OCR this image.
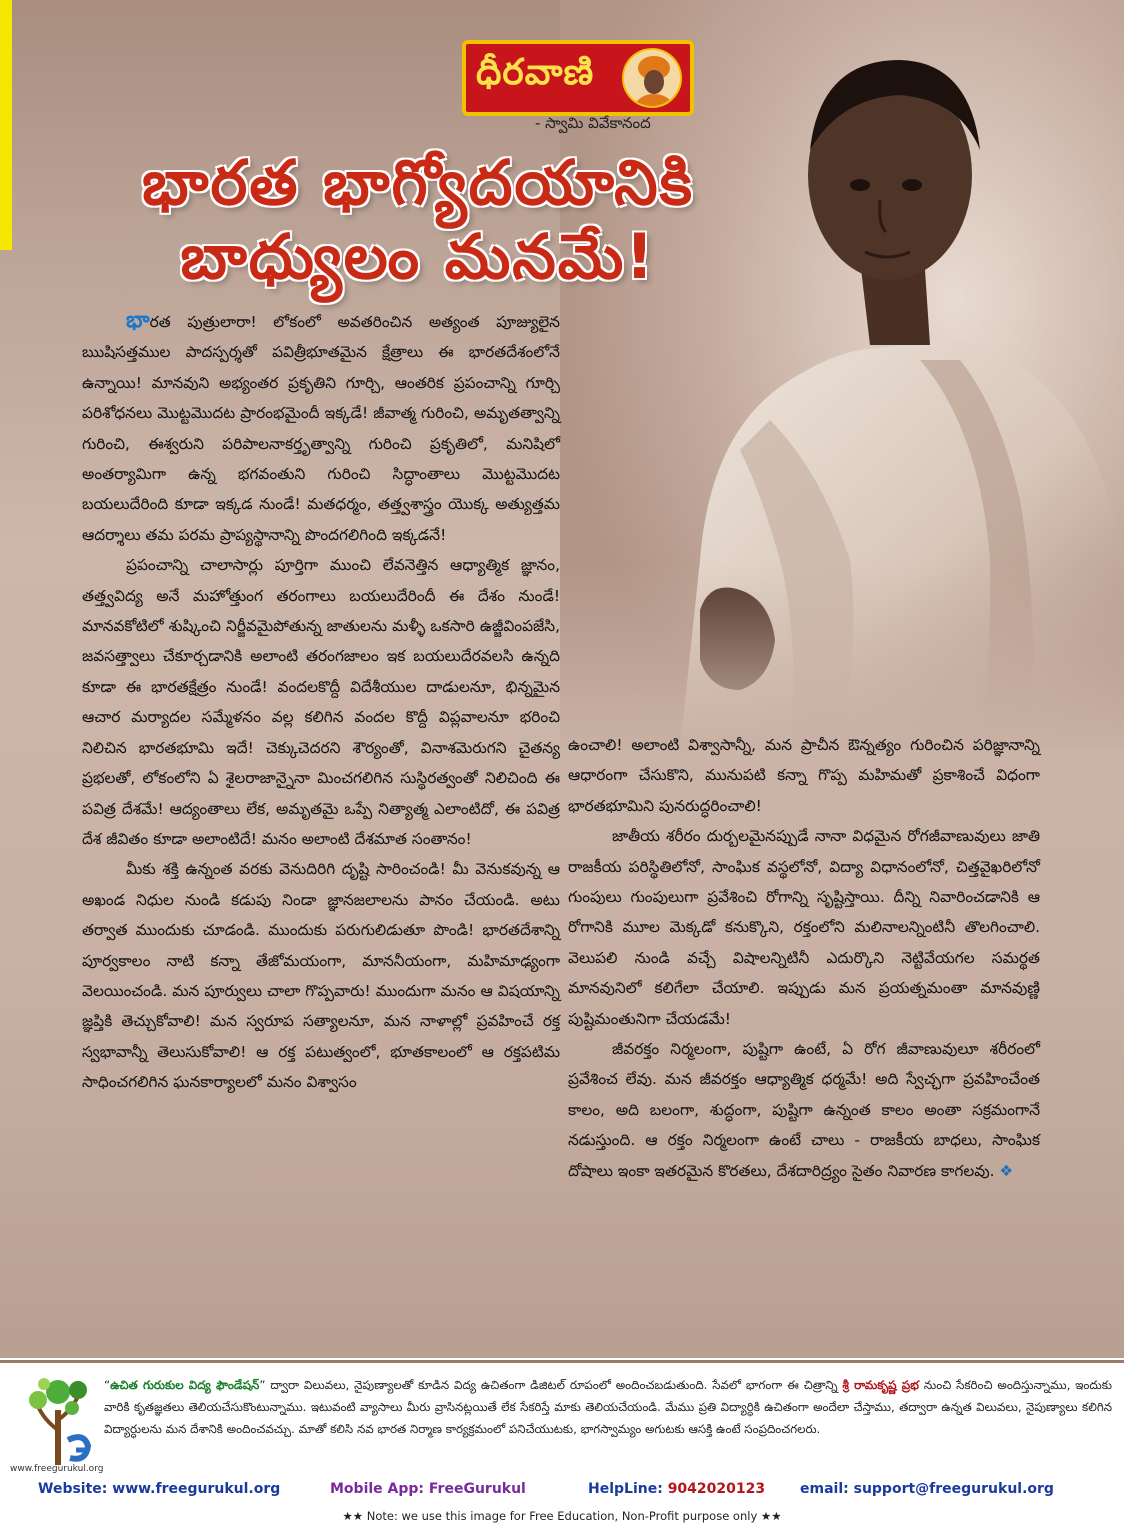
ధీరవాణి
- స్వామి వివేకానంద
భారత భాగ్యోదయానికి
బాధ్యులం మనమే!

భారత పుత్రులారా! లోకంలో అవతరించిన అత్యంత పూజ్యులైన ఋషిసత్తముల పాదస్పర్శతో పవిత్రీభూతమైన క్షేత్రాలు ఈ భారతదేశంలోనే ఉన్నాయి! మానవుని అభ్యంతర ప్రకృతిని గూర్చి, ఆంతరిక ప్రపంచాన్ని గూర్చి పరిశోధనలు మొట్టమొదట ప్రారంభమైందీ ఇక్కడే! జీవాత్మ గురించి, అమృతత్వాన్ని గురించి, ఈశ్వరుని పరిపాలనాకర్తృత్వాన్ని గురించి ప్రకృతిలో, మనిషిలో అంతర్యామిగా ఉన్న భగవంతుని గురించి సిద్ధాంతాలు మొట్టమొదట బయలుదేరింది కూడా ఇక్కడ నుండే! మతధర్మం, తత్త్వశాస్త్రం యొక్క అత్యుత్తమ ఆదర్శాలు తమ పరమ ప్రాప్యస్థానాన్ని పొందగలిగింది ఇక్కడనే!

ప్రపంచాన్ని చాలాసార్లు పూర్తిగా ముంచి లేవనెత్తిన ఆధ్యాత్మిక జ్ఞానం, తత్త్వవిద్య అనే మహోత్తుంగ తరంగాలు బయలుదేరిందీ ఈ దేశం నుండే! మానవకోటిలో శుష్కించి నిర్జీవమైపోతున్న జాతులను మళ్ళీ ఒకసారి ఉజ్జీవింపజేసి, జవసత్త్వాలు చేకూర్చడానికి అలాంటి తరంగజాలం ఇక బయలుదేరవలసి ఉన్నది కూడా ఈ భారతక్షేత్రం నుండే! వందలకొద్దీ విదేశీయుల దాడులనూ, భిన్నమైన ఆచార మర్యాదల సమ్మేళనం వల్ల కలిగిన వందల కొద్దీ విప్లవాలనూ భరించి నిలిచిన భారతభూమి ఇదే! చెక్కుచెదరని శౌర్యంతో, వినాశమెరుగని చైతన్య ప్రభలతో, లోకంలోని ఏ శైలరాజాన్నైనా మించగలిగిన సుస్థిరత్వంతో నిలిచింది ఈ పవిత్ర దేశమే! ఆద్యంతాలు లేక, అమృతమై ఒప్పే నిత్యాత్మ ఎలాంటిదో, ఈ పవిత్ర దేశ జీవితం కూడా అలాంటిదే! మనం అలాంటి దేశమాత సంతానం!

మీకు శక్తి ఉన్నంత వరకు వెనుదిరిగి దృష్టి సారించండి! మీ వెనుకవున్న ఆ అఖండ నిధుల నుండి కడుపు నిండా జ్ఞానజలాలను పానం చేయండి. అటు తర్వాత ముందుకు చూడండి. ముందుకు పరుగులిడుతూ పొండి! భారతదేశాన్ని పూర్వకాలం నాటి కన్నా తేజోమయంగా, మాననీయంగా, మహిమాఢ్యంగా వెలయించండి. మన పూర్వులు చాలా గొప్పవారు! ముందుగా మనం ఆ విషయాన్ని జ్ఞప్తికి తెచ్చుకోవాలి! మన స్వరూప సత్యాలనూ, మన నాళాల్లో ప్రవహించే రక్త స్వభావాన్నీ తెలుసుకోవాలి! ఆ రక్త పటుత్వంలో, భూతకాలంలో ఆ రక్తపటిమ సాధించగలిగిన ఘనకార్యాలలో మనం విశ్వాసం

ఉంచాలి! అలాంటి విశ్వాసాన్నీ, మన ప్రాచీన ఔన్నత్యం గురించిన పరిజ్ఞానాన్ని ఆధారంగా చేసుకొని, మునుపటి కన్నా గొప్ప మహిమతో ప్రకాశించే విధంగా భారతభూమిని పునరుద్ధరించాలి!

జాతీయ శరీరం దుర్బలమైనప్పుడే నానా విధమైన రోగజీవాణువులు జాతి రాజకీయ పరిస్థితిలోనో, సాంఘిక వస్థలోనో, విద్యా విధానంలోనో, చిత్తవైఖరిలోనో గుంపులు గుంపులుగా ప్రవేశించి రోగాన్ని సృష్టిస్తాయి. దీన్ని నివారించడానికి ఆ రోగానికి మూల మెక్కడో కనుక్కొని, రక్తంలోని మలినాలన్నింటినీ తొలగించాలి. వెలుపలి నుండి వచ్చే విషాలన్నిటినీ ఎదుర్కొని నెట్టివేయగల సమర్థత మానవునిలో కలిగేలా చేయాలి. ఇప్పుడు మన ప్రయత్నమంతా మానవుణ్ణి పుష్టిమంతునిగా చేయడమే!

జీవరక్తం నిర్మలంగా, పుష్టిగా ఉంటే, ఏ రోగ జీవాణువులూ శరీరంలో ప్రవేశించ లేవు. మన జీవరక్తం ఆధ్యాత్మిక ధర్మమే! అది స్వేచ్ఛగా ప్రవహించేంత కాలం, అది బలంగా, శుద్ధంగా, పుష్టిగా ఉన్నంత కాలం అంతా సక్రమంగానే నడుస్తుంది. ఆ రక్తం నిర్మలంగా ఉంటే చాలు - రాజకీయ బాధలు, సాంఘిక దోషాలు ఇంకా ఇతరమైన కొరతలు, దేశదారిద్ర్యం సైతం నివారణ కాగలవు. ❖

www.freegurukul.org
“ఉచిత గురుకుల విద్య ఫౌండేషన్” ద్వారా విలువలు, నైపుణ్యాలతో కూడిన విద్య ఉచితంగా డిజిటల్ రూపంలో అందించబడుతుంది. సేవలో భాగంగా ఈ చిత్రాన్ని శ్రీ రామకృష్ణ ప్రభ నుంచి సేకరించి అందిస్తున్నాము, ఇందుకు వారికి కృతజ్ఞతలు తెలియచేసుకొంటున్నాము. ఇటువంటి వ్యాసాలు మీరు వ్రాసినట్లయితే లేక సేకరిస్తే మాకు తెలియచేయండి. మేము ప్రతి విద్యార్ధికి ఉచితంగా అందేలా చేస్తాము, తద్వారా ఉన్నత విలువలు, నైపుణ్యాలు కలిగిన విద్యార్ధులను మన దేశానికి అందించవచ్చు. మాతో కలిసి నవ భారత నిర్మాణ కార్యక్రమంలో పనిచేయుటకు, భాగస్వామ్యం అగుటకు ఆసక్తి ఉంటే సంప్రదించగలరు.
Website: www.freegurukul.org	Mobile App: FreeGurukul	HelpLine: 9042020123 email: support@freegurukul.org
★★ Note: we use this image for Free Education, Non-Profit purpose only ★★
